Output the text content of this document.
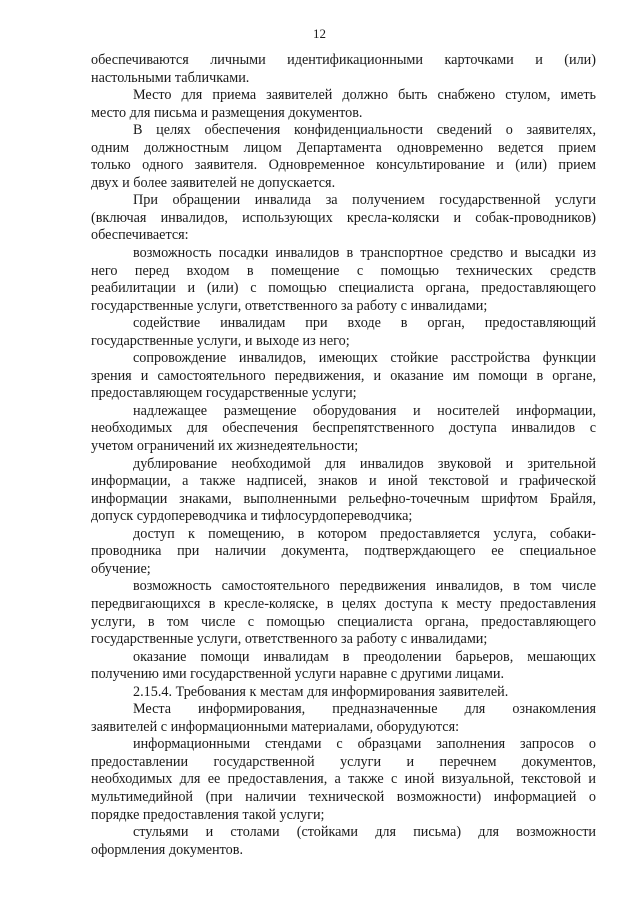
12
обеспечиваются личными идентификационными карточками и (или)
настольными табличками.
Место для приема заявителей должно быть снабжено стулом, иметь
место для письма и размещения документов.
В целях обеспечения конфиденциальности сведений о заявителях,
одним должностным лицом Департамента одновременно ведется прием
только одного заявителя. Одновременное консультирование и (или) прием
двух и более заявителей не допускается.
При обращении инвалида за получением государственной услуги
(включая инвалидов, использующих кресла-коляски и собак-проводников)
обеспечивается:
возможность посадки инвалидов в транспортное средство и высадки из
него перед входом в помещение с помощью технических средств
реабилитации и (или) с помощью специалиста органа, предоставляющего
государственные услуги, ответственного за работу с инвалидами;
содействие инвалидам при входе в орган, предоставляющий
государственные услуги, и выходе из него;
сопровождение инвалидов, имеющих стойкие расстройства функции
зрения и самостоятельного передвижения, и оказание им помощи в органе,
предоставляющем государственные услуги;
надлежащее размещение оборудования и носителей информации,
необходимых для обеспечения беспрепятственного доступа инвалидов с
учетом ограничений их жизнедеятельности;
дублирование необходимой для инвалидов звуковой и зрительной
информации, а также надписей, знаков и иной текстовой и графической
информации знаками, выполненными рельефно-точечным шрифтом Брайля,
допуск сурдопереводчика и тифлосурдопереводчика;
доступ к помещению, в котором предоставляется услуга, собаки-
проводника при наличии документа, подтверждающего ее специальное
обучение;
возможность самостоятельного передвижения инвалидов, в том числе
передвигающихся в кресле-коляске, в целях доступа к месту предоставления
услуги, в том числе с помощью специалиста органа, предоставляющего
государственные услуги, ответственного за работу с инвалидами;
оказание помощи инвалидам в преодолении барьеров, мешающих
получению ими государственной услуги наравне с другими лицами.
2.15.4. Требования к местам для информирования заявителей.
Места информирования, предназначенные для ознакомления
заявителей с информационными материалами, оборудуются:
информационными стендами с образцами заполнения запросов о
предоставлении государственной услуги и перечнем документов,
необходимых для ее предоставления, а также с иной визуальной, текстовой и
мультимедийной (при наличии технической возможности) информацией о
порядке предоставления такой услуги;
стульями и столами (стойками для письма) для возможности
оформления документов.
